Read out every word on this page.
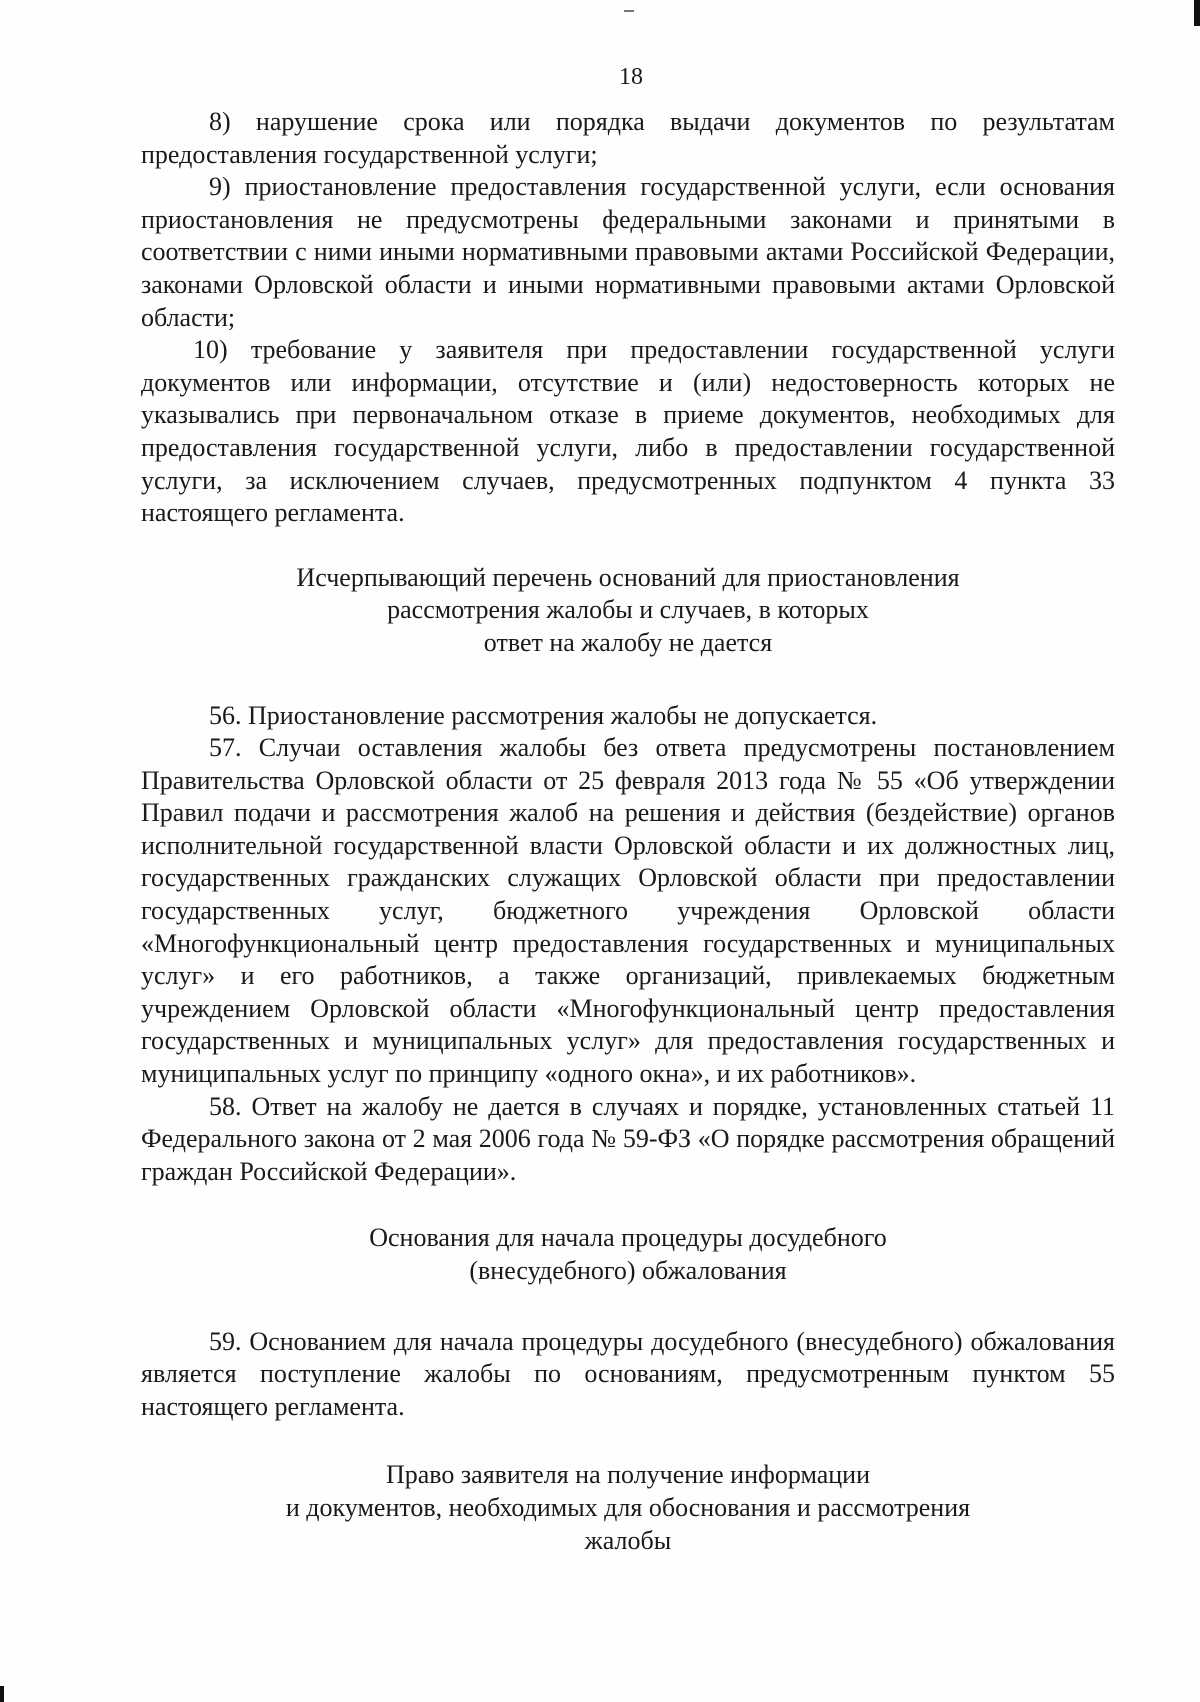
18

8) нарушение срока или порядка выдачи документов по результатам предоставления государственной услуги;

9) приостановление предоставления государственной услуги, если основания приостановления не предусмотрены федеральными законами и принятыми в соответствии с ними иными нормативными правовыми актами Российской Федерации, законами Орловской области и иными нормативными правовыми актами Орловской области;

10) требование у заявителя при предоставлении государственной услуги документов или информации, отсутствие и (или) недостоверность которых не указывались при первоначальном отказе в приеме документов, необходимых для предоставления государственной услуги, либо в предоставлении государственной услуги, за исключением случаев, предусмотренных подпунктом 4 пункта 33 настоящего регламента.

Исчерпывающий перечень оснований для приостановления
рассмотрения жалобы и случаев, в которых
ответ на жалобу не дается

56. Приостановление рассмотрения жалобы не допускается.

57. Случаи оставления жалобы без ответа предусмотрены постановлением Правительства Орловской области от 25 февраля 2013 года № 55 «Об утверждении Правил подачи и рассмотрения жалоб на решения и действия (бездействие) органов исполнительной государственной власти Орловской области и их должностных лиц, государственных гражданских служащих Орловской области при предоставлении государственных услуг, бюджетного учреждения Орловской области «Многофункциональный центр предоставления государственных и муниципальных услуг» и его работников, а также организаций, привлекаемых бюджетным учреждением Орловской области «Многофункциональный центр предоставления государственных и муниципальных услуг» для предоставления государственных и муниципальных услуг по принципу «одного окна», и их работников».

58. Ответ на жалобу не дается в случаях и порядке, установленных статьей 11 Федерального закона от 2 мая 2006 года № 59-ФЗ «О порядке рассмотрения обращений граждан Российской Федерации».

Основания для начала процедуры досудебного
(внесудебного) обжалования

59. Основанием для начала процедуры досудебного (внесудебного) обжалования является поступление жалобы по основаниям, предусмотренным пунктом 55 настоящего регламента.

Право заявителя на получение информации
и документов, необходимых для обоснования и рассмотрения
жалобы
